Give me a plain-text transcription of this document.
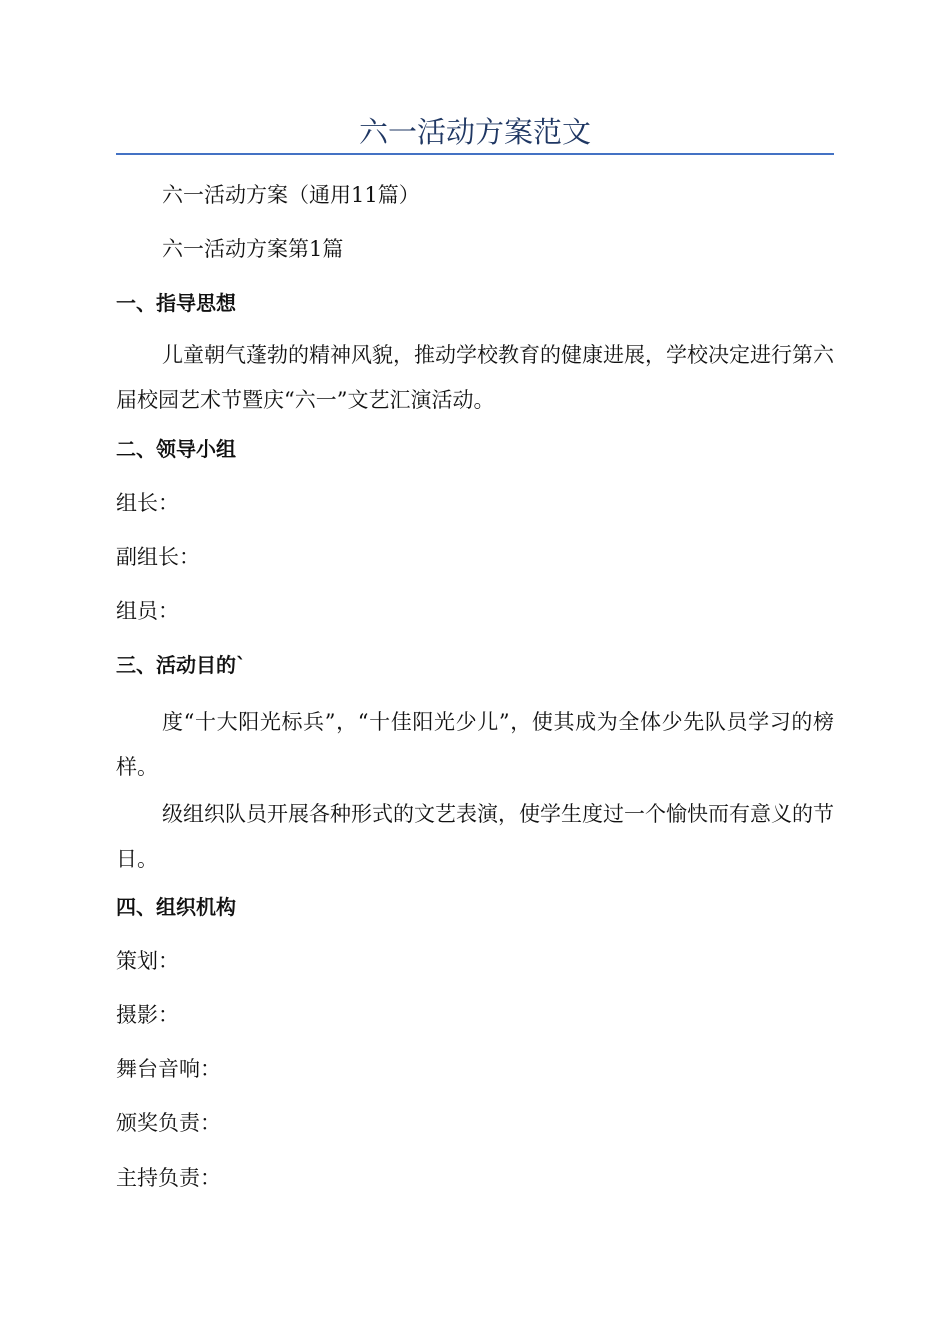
六一活动方案范文

六一活动方案（通用11篇）

六一活动方案第1篇

一、指导思想

儿童朝气蓬勃的精神风貌，推动学校教育的健康进展，学校决定进行第六届校园艺术节暨庆“六一”文艺汇演活动。

二、领导小组

组长：

副组长：

组员：

三、活动目的`

度“十大阳光标兵”，“十佳阳光少儿”，使其成为全体少先队员学习的榜样。

级组织队员开展各种形式的文艺表演，使学生度过一个愉快而有意义的节日。

四、组织机构

策划：

摄影：

舞台音响：

颁奖负责：

主持负责：
